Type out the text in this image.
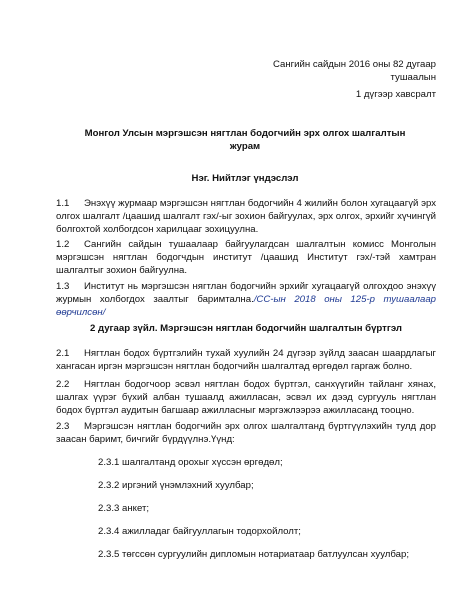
Сангийн сайдын 2016 оны 82 дугаар тушаалын
1 дүгээр хавсралт
Монгол Улсын мэргэшсэн нягтлан бодогчийн эрх олгох шалгалтын
журам
Нэг. Нийтлэг үндэслэл
1.1 Энэхүү журмаар мэргэшсэн нягтлан бодогчийн 4 жилийн болон хугацаагүй эрх олгох шалгалт /цаашид шалгалт гэх/-ыг зохион байгуулах, эрх олгох, эрхийг хүчингүй болгохтой холбогдсон харилцааг зохицуулна.
1.2 Сангийн сайдын тушаалаар байгуулагдсан шалгалтын комисс Монголын мэргэшсэн нягтлан бодогчдын институт /цаашид Институт гэх/-тэй хамтран шалгалтыг зохион байгуулна.
1.3 Институт нь мэргэшсэн нягтлан бодогчийн эрхийг хугацаагүй олгохдоо энэхүү журмын холбогдох заалтыг баримтална./СС-ын 2018 оны 125-р тушаалаар өөрчилсөн/
2 дугаар зүйл. Мэргэшсэн нягтлан бодогчийн шалгалтын бүртгэл
2.1 Нягтлан бодох бүртгэлийн тухай хуулийн 24 дүгээр зүйлд заасан шаардлагыг хангасан иргэн мэргэшсэн нягтлан бодогчийн шалгалтад өргөдөл гаргаж болно.
2.2 Нягтлан бодогчоор эсвэл нягтлан бодох бүртгэл, санхүүгийн тайланг хянах, шалгах үүрэг бүхий албан тушаалд ажилласан, эсвэл их дээд сургууль нягтлан бодох бүртгэл аудитын багшаар ажилласныг мэргэжлээрээ ажилласанд тооцно.
2.3 Мэргэшсэн нягтлан бодогчийн эрх олгох шалгалтанд бүртгүүлэхийн тулд дор заасан баримт, бичгийг бүрдүүлнэ.Үүнд:
2.3.1 шалгалтанд орохыг хүссэн өргөдөл;
2.3.2 иргэний үнэмлэхний хуулбар;
2.3.3 анкет;
2.3.4 ажилладаг байгууллагын тодорхойлолт;
2.3.5 төгссөн сургуулийн дипломын нотариатаар батлуулсан хуулбар;
